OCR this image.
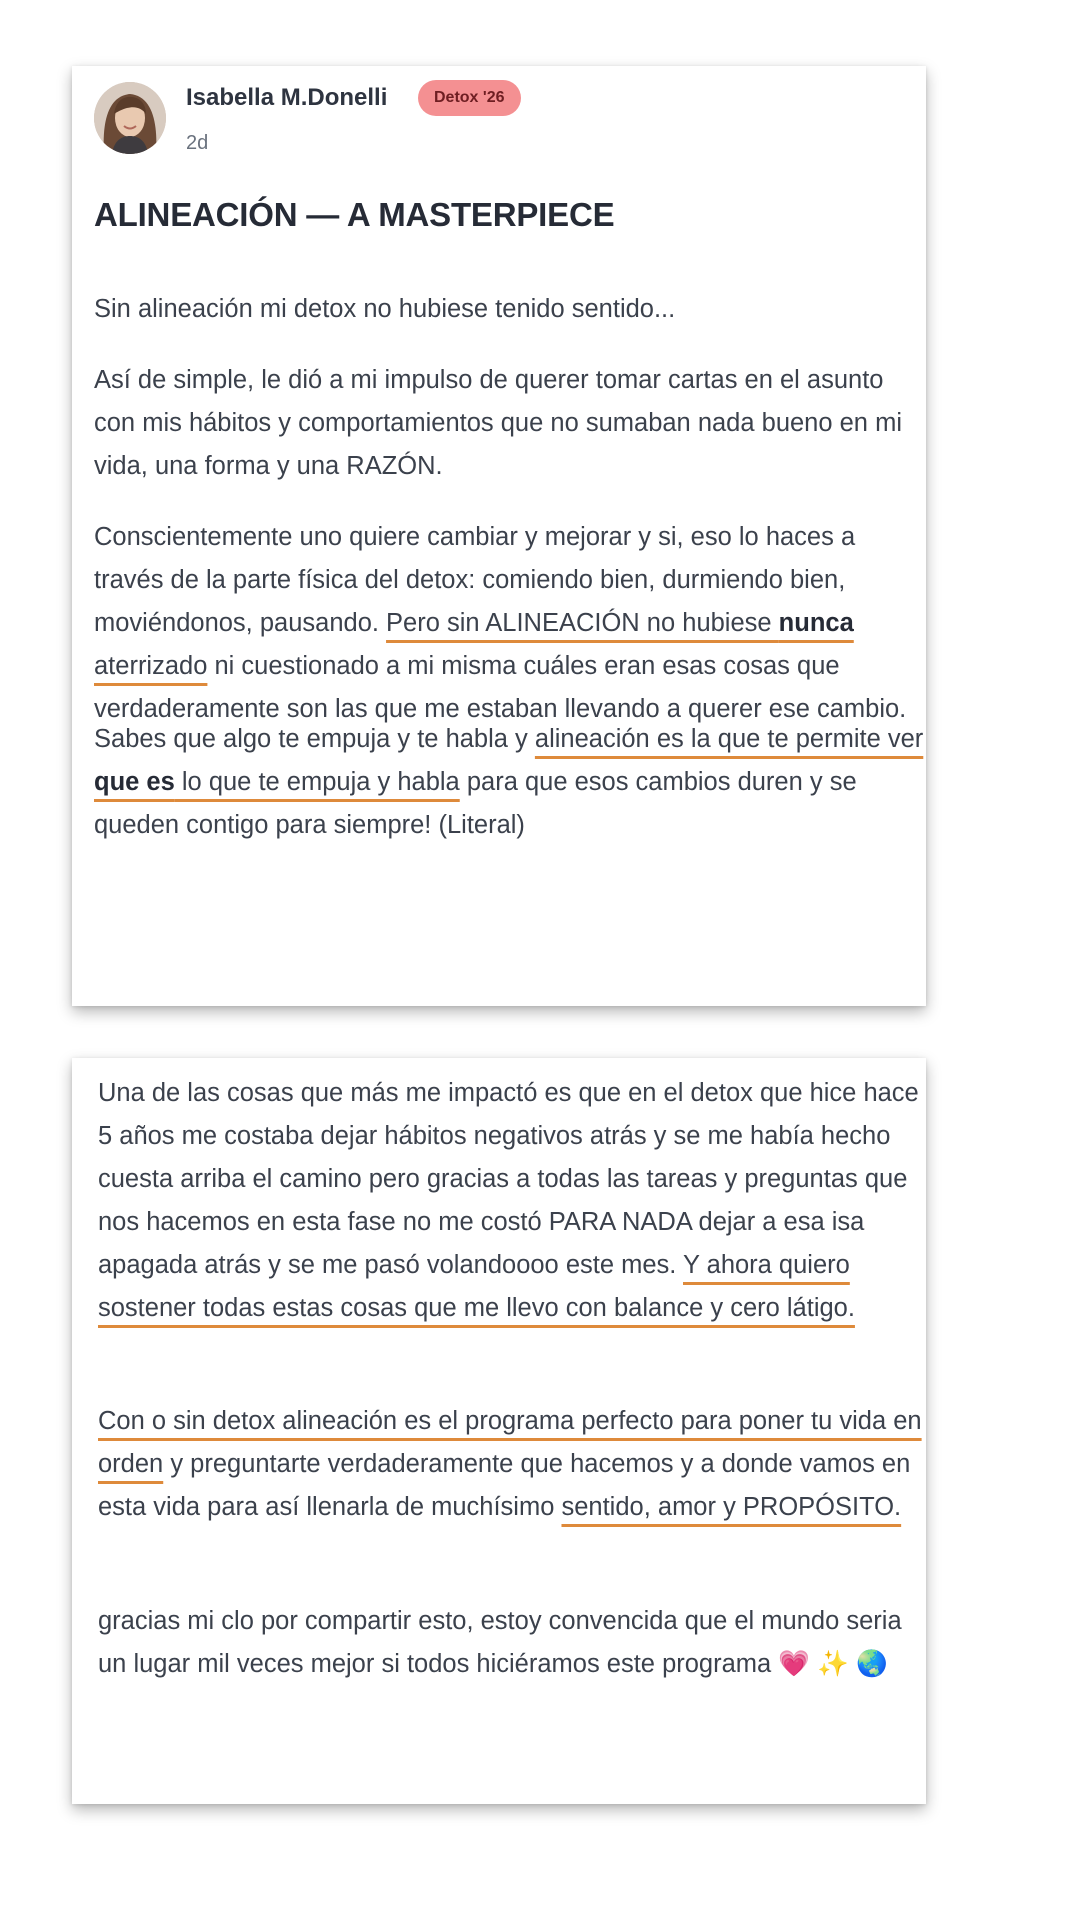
Isabella M.Donelli	Detox '26
2d
ALINEACIÓN — A MASTERPIECE

Sin alineación mi detox no hubiese tenido sentido...

Así de simple, le dió a mi impulso de querer tomar cartas en el asunto con mis hábitos y comportamientos que no sumaban nada bueno en mi vida, una forma y una RAZÓN.

Conscientemente uno quiere cambiar y mejorar y si, eso lo haces a través de la parte física del detox: comiendo bien, durmiendo bien, moviéndonos, pausando. Pero sin ALINEACIÓN no hubiese nunca aterrizado ni cuestionado a mi misma cuáles eran esas cosas que verdaderamente son las que me estaban llevando a querer ese cambio.

Sabes que algo te empuja y te habla y alineación es la que te permite ver que es lo que te empuja y habla para que esos cambios duren y se queden contigo para siempre! (Literal)

Una de las cosas que más me impactó es que en el detox que hice hace 5 años me costaba dejar hábitos negativos atrás y se me había hecho cuesta arriba el camino pero gracias a todas las tareas y preguntas que nos hacemos en esta fase no me costó PARA NADA dejar a esa isa apagada atrás y se me pasó volandoooo este mes. Y ahora quiero sostener todas estas cosas que me llevo con balance y cero látigo.

Con o sin detox alineación es el programa perfecto para poner tu vida en orden y preguntarte verdaderamente que hacemos y a donde vamos en esta vida para así llenarla de muchísimo sentido, amor y PROPÓSITO.

gracias mi clo por compartir esto, estoy convencida que el mundo seria un lugar mil veces mejor si todos hiciéramos este programa 💗 ✨ 🌏
